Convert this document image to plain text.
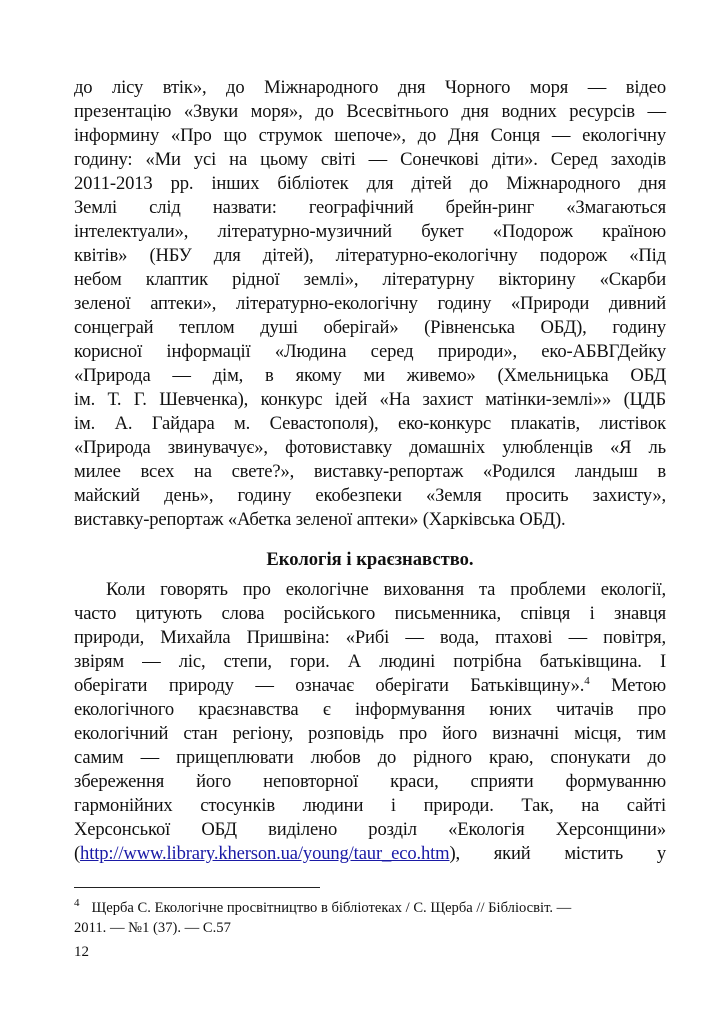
до лісу втік», до Міжнародного дня Чорного моря — відео
презентацію «Звуки моря», до Всесвітнього дня водних ресурсів —
інформину «Про що струмок шепоче», до Дня Сонця — екологічну
годину: «Ми усі на цьому світі — Сонечкові діти». Серед заходів
2011-2013 рр. інших бібліотек для дітей до Міжнародного дня
Землі слід назвати: географічний брейн-ринг «Змагаються
інтелектуали», літературно-музичний букет «Подорож країною
квітів» (НБУ для дітей), літературно-екологічну подорож «Під
небом клаптик рідної землі», літературну вікторину «Скарби
зеленої аптеки», літературно-екологічну годину «Природи дивний
сонцеграй теплом душі оберігай» (Рівненська ОБД), годину
корисної інформації «Людина серед природи», еко-АБВГДейку
«Природа — дім, в якому ми живемо» (Хмельницька ОБД
ім. Т. Г. Шевченка), конкурс ідей «На захист матінки-землі»» (ЦДБ
ім. А. Гайдара м. Севастополя), еко-конкурс плакатів, листівок
«Природа звинувачує», фотовиставку домашніх улюбленців «Я ль
милее всех на свете?», виставку-репортаж «Родился ландыш в
майский день», годину екобезпеки «Земля просить захисту»,
виставку-репортаж «Абетка зеленої аптеки» (Харківська ОБД).
Екологія і краєзнавство.
Коли говорять про екологічне виховання та проблеми екології,
часто цитують слова російського письменника, співця і знавця
природи, Михайла Пришвіна: «Рибі — вода, птахові — повітря,
звірям — ліс, степи, гори. А людині потрібна батьківщина. І
оберігати природу — означає оберігати Батьківщину».$^4$ Метою
екологічного краєзнавства є інформування юних читачів про
екологічний стан регіону, розповідь про його визначні місця, тим
самим — прищеплювати любов до рідного краю, спонукати до
збереження його неповторної краси, сприяти формуванню
гармонійних стосунків людини і природи. Так, на сайті
Херсонської ОБД виділено розділ «Екологія Херсонщини»
(http://www.library.kherson.ua/young/taur_eco.htm), який містить у
$^4$ Щерба С. Екологічне просвітництво в бібліотеках / С. Щерба // Бібліосвіт. —
2011. — №1 (37). — С.57
12
